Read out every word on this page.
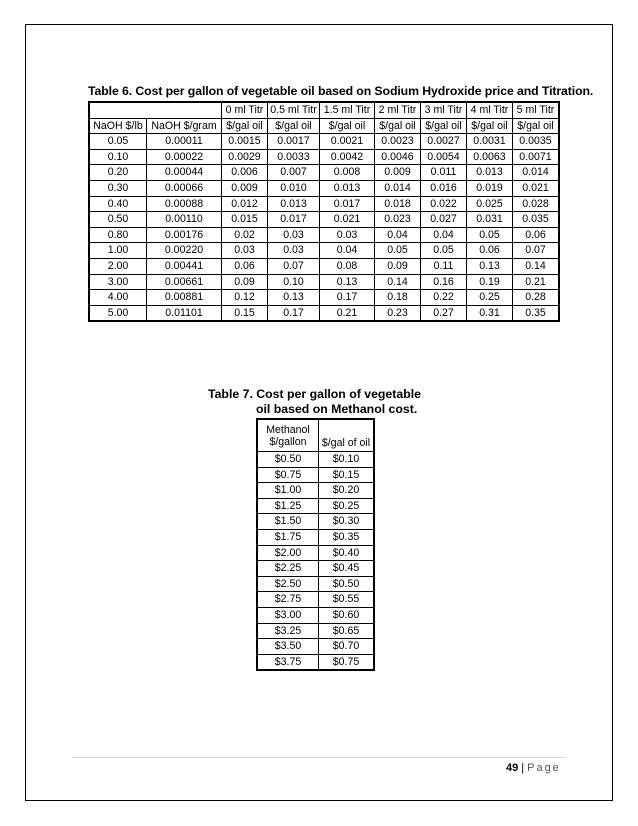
Table 6. Cost per gallon of vegetable oil based on Sodium Hydroxide price and Titration.
		0 ml Titr	0.5 ml Titr	1.5 ml Titr	2 ml Titr	3 ml Titr	4 ml Titr	5 ml Titr
NaOH $/lb	NaOH $/gram	$/gal oil	$/gal oil	$/gal oil	$/gal oil	$/gal oil	$/gal oil	$/gal oil
0.05	0.00011	0.0015	0.0017	0.0021	0.0023	0.0027	0.0031	0.0035
0.10	0.00022	0.0029	0.0033	0.0042	0.0046	0.0054	0.0063	0.0071
0.20	0.00044	0.006	0.007	0.008	0.009	0.011	0.013	0.014
0.30	0.00066	0.009	0.010	0.013	0.014	0.016	0.019	0.021
0.40	0.00088	0.012	0.013	0.017	0.018	0.022	0.025	0.028
0.50	0.00110	0.015	0.017	0.021	0.023	0.027	0.031	0.035
0.80	0.00176	0.02	0.03	0.03	0.04	0.04	0.05	0.06
1.00	0.00220	0.03	0.03	0.04	0.05	0.05	0.06	0.07
2.00	0.00441	0.06	0.07	0.08	0.09	0.11	0.13	0.14
3.00	0.00661	0.09	0.10	0.13	0.14	0.16	0.19	0.21
4.00	0.00881	0.12	0.13	0.17	0.18	0.22	0.25	0.28
5.00	0.01101	0.15	0.17	0.21	0.23	0.27	0.31	0.35
Table 7. Cost per gallon of vegetable
oil based on Methanol cost.
Methanol
$/gallon	$/gal of oil
$0.50	$0.10
$0.75	$0.15
$1.00	$0.20
$1.25	$0.25
$1.50	$0.30
$1.75	$0.35
$2.00	$0.40
$2.25	$0.45
$2.50	$0.50
$2.75	$0.55
$3.00	$0.60
$3.25	$0.65
$3.50	$0.70
$3.75	$0.75
49 | Page
